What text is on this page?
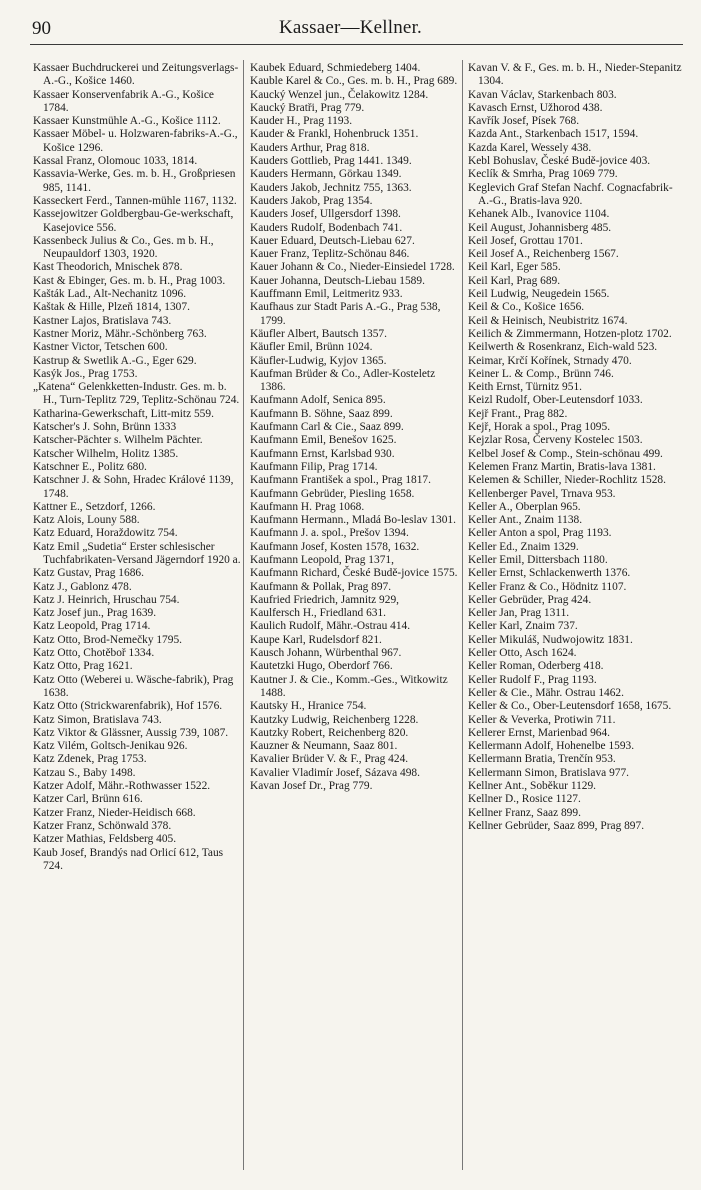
90	Kassaer—Kellner.

Kassaer Buchdruckerei und Zeitungsverlags-A.-G., Košice 1460.

Kassaer Konservenfabrik A.-G., Košice 1784.

Kassaer Kunstmühle A.-G., Košice 1112.

Kassaer Möbel- u. Holzwaren-fabriks-A.-G., Košice 1296.

Kassal Franz, Olomouc 1033, 1814.

Kassavia-Werke, Ges. m. b. H., Großpriesen 985, 1141.

Kasseckert Ferd., Tannen-mühle 1167, 1132.

Kassejowitzer Goldbergbau-Ge-werkschaft, Kasejovice 556.

Kassenbeck Julius & Co., Ges. m b. H., Neupauldorf 1303, 1920.

Kast Theodorich, Mnischek 878.

Kast & Ebinger, Ges. m. b. H., Prag 1003.

Kašták Lad., Alt-Nechanitz 1096.

Kaštak & Hille, Plzeň 1814, 1307.

Kastner Lajos, Bratislava 743.

Kastner Moriz, Mähr.-Schönberg 763.

Kastner Victor, Tetschen 600.

Kastrup & Swetlik A.-G., Eger 629.

Kasýk Jos., Prag 1753.

„Katena“ Gelenkketten-Industr. Ges. m. b. H., Turn-Teplitz 729, Teplitz-Schönau 724.

Katharina-Gewerkschaft, Litt-mitz 559.

Katscher's J. Sohn, Brünn 1333

Katscher-Pächter s. Wilhelm Pächter.

Katscher Wilhelm, Holitz 1385.

Katschner E., Politz 680.

Katschner J. & Sohn, Hradec Králové 1139, 1748.

Kattner E., Setzdorf, 1266.

Katz Alois, Louny 588.

Katz Eduard, Horaždowitz 754.

Katz Emil „Sudetia“ Erster schlesischer Tuchfabrikaten-Versand Jägerndorf 1920 a.

Katz Gustav, Prag 1686.

Katz J., Gablonz 478.

Katz J. Heinrich, Hruschau 754.

Katz Josef jun., Prag 1639.

Katz Leopold, Prag 1714.

Katz Otto, Brod-Nemečky 1795.

Katz Otto, Chotěboř 1334.

Katz Otto, Prag 1621.

Katz Otto (Weberei u. Wäsche-fabrik), Prag 1638.

Katz Otto (Strickwarenfabrik), Hof 1576.

Katz Simon, Bratislava 743.

Katz Viktor & Glässner, Aussig 739, 1087.

Katz Vilém, Goltsch-Jenikau 926.

Katz Zdenek, Prag 1753.

Katzau S., Baby 1498.

Katzer Adolf, Mähr.-Rothwasser 1522.

Katzer Carl, Brünn 616.

Katzer Franz, Nieder-Heidisch 668.

Katzer Franz, Schönwald 378.

Katzer Mathias, Feldsberg 405.

Kaub Josef, Brandýs nad Orlicí 612, Taus 724.

Kaubek Eduard, Schmiedeberg 1404.

Kauble Karel & Co., Ges. m. b. H., Prag 689.

Kaucký Wenzel jun., Čelakowitz 1284.

Kaucký Bratři, Prag 779.

Kauder H., Prag 1193.

Kauder & Frankl, Hohenbruck 1351.

Kauders Arthur, Prag 818.

Kauders Gottlieb, Prag 1441. 1349.

Kauders Hermann, Görkau 1349.

Kauders Jakob, Jechnitz 755, 1363.

Kauders Jakob, Prag 1354.

Kauders Josef, Ullgersdorf 1398.

Kauders Rudolf, Bodenbach 741.

Kauer Eduard, Deutsch-Liebau 627.

Kauer Franz, Teplitz-Schönau 846.

Kauer Johann & Co., Nieder-Einsiedel 1728.

Kauer Johanna, Deutsch-Liebau 1589.

Kauffmann Emil, Leitmeritz 933.

Kaufhaus zur Stadt Paris A.-G., Prag 538, 1799.

Käufler Albert, Bautsch 1357.

Käufler Emil, Brünn 1024.

Käufler-Ludwig, Kyjov 1365.

Kaufman Brüder & Co., Adler-Kosteletz 1386.

Kaufmann Adolf, Senica 895.

Kaufmann B. Söhne, Saaz 899.

Kaufmann Carl & Cie., Saaz 899.

Kaufmann Emil, Benešov 1625.

Kaufmann Ernst, Karlsbad 930.

Kaufmann Filip, Prag 1714.

Kaufmann František a spol., Prag 1817.

Kaufmann Gebrüder, Piesling 1658.

Kaufmann H. Prag 1068.

Kaufmann Hermann., Mladá Bo-leslav 1301.

Kaufmann J. a. spol., Prešov 1394.

Kaufmann Josef, Kosten 1578, 1632.

Kaufmann Leopold, Prag 1371,

Kaufmann Richard, České Budě-jovice 1575.

Kaufmann & Pollak, Prag 897.

Kaufried Friedrich, Jamnitz 929,

Kaulfersch H., Friedland 631.

Kaulich Rudolf, Mähr.-Ostrau 414.

Kaupe Karl, Rudelsdorf 821.

Kausch Johann, Würbenthal 967.

Kautetzki Hugo, Oberdorf 766.

Kautner J. & Cie., Komm.-Ges., Witkowitz 1488.

Kautsky H., Hranice 754.

Kautzky Ludwig, Reichenberg 1228.

Kautzky Robert, Reichenberg 820.

Kauzner & Neumann, Saaz 801.

Kavalier Brüder V. & F., Prag 424.

Kavalier Vladimír Josef, Sázava 498.

Kavan Josef Dr., Prag 779.

Kavan V. & F., Ges. m. b. H., Nieder-Stepanitz 1304.

Kavan Václav, Starkenbach 803.

Kavasch Ernst, Užhorod 438.

Kavřík Josef, Písek 768.

Kazda Ant., Starkenbach 1517, 1594.

Kazda Karel, Wessely 438.

Kebl Bohuslav, České Budě-jovice 403.

Keclík & Smrha, Prag 1069 779.

Keglevich Graf Stefan Nachf. Cognacfabrik-A.-G., Bratis-lava 920.

Kehanek Alb., Ivanovice 1104.

Keil August, Johannisberg 485.

Keil Josef, Grottau 1701.

Keil Josef A., Reichenberg 1567.

Keil Karl, Eger 585.

Keil Karl, Prag 689.

Keil Ludwig, Neugedein 1565.

Keil & Co., Košice 1656.

Keil & Heinisch, Neubistritz 1674.

Keilich & Zimmermann, Hotzen-plotz 1702.

Keilwerth & Rosenkranz, Eich-wald 523.

Keimar, Krčí Kořínek, Strnady 470.

Keiner L. & Comp., Brünn 746.

Keith Ernst, Türnitz 951.

Keizl Rudolf, Ober-Leutensdorf 1033.

Kejř Frant., Prag 882.

Kejř, Horak a spol., Prag 1095.

Kejzlar Rosa, Červeny Kostelec 1503.

Kelbel Josef & Comp., Stein-schönau 499.

Kelemen Franz Martin, Bratis-lava 1381.

Kelemen & Schiller, Nieder-Rochlitz 1528.

Kellenberger Pavel, Trnava 953.

Keller A., Oberplan 965.

Keller Ant., Znaim 1138.

Keller Anton a spol, Prag 1193.

Keller Ed., Znaim 1329.

Keller Emil, Dittersbach 1180.

Keller Ernst, Schlackenwerth 1376.

Keller Franz & Co., Hödnitz 1107.

Keller Gebrüder, Prag 424.

Keller Jan, Prag 1311.

Keller Karl, Znaim 737.

Keller Mikuláš, Nudwojowitz 1831.

Keller Otto, Asch 1624.

Keller Roman, Oderberg 418.

Keller Rudolf F., Prag 1193.

Keller & Cie., Mähr. Ostrau 1462.

Keller & Co., Ober-Leutensdorf 1658, 1675.

Keller & Veverka, Protiwin 711.

Kellerer Ernst, Marienbad 964.

Kellermann Adolf, Hohenelbe 1593.

Kellermann Bratia, Trenčín 953.

Kellermann Simon, Bratislava 977.

Kellner Ant., Soběkur 1129.

Kellner D., Rosice 1127.

Kellner Franz, Saaz 899.

Kellner Gebrüder, Saaz 899, Prag 897.
